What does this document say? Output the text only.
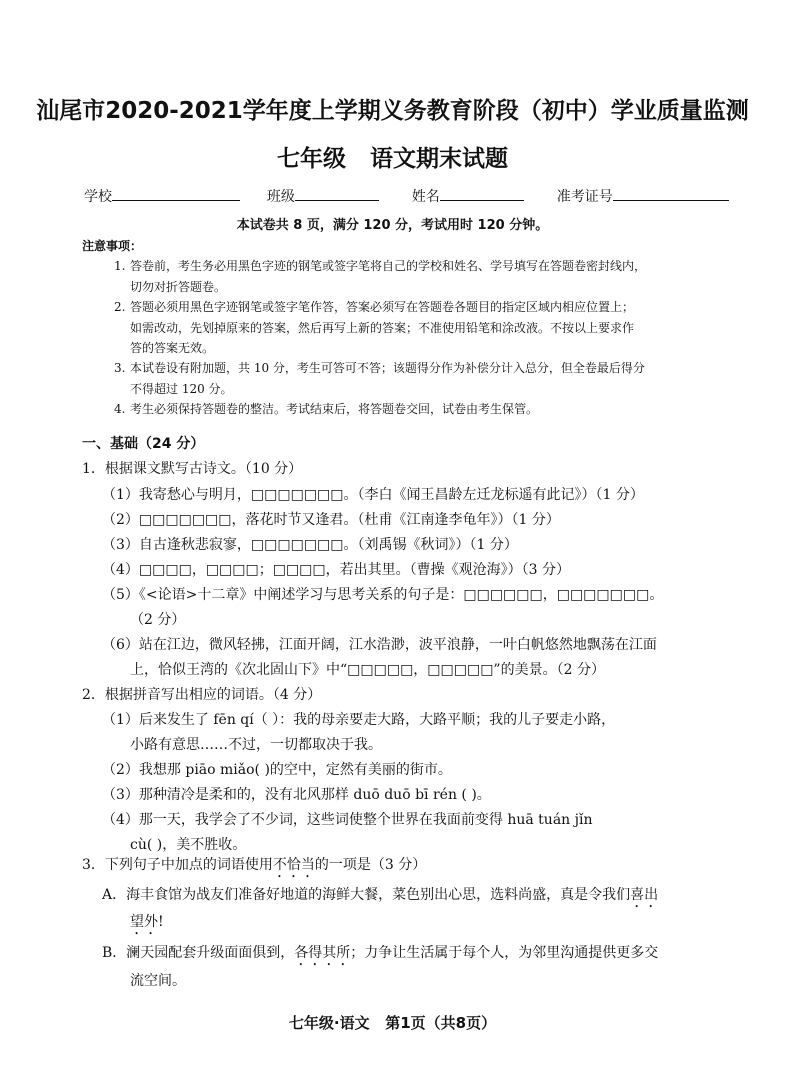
汕尾市2020-2021学年度上学期义务教育阶段（初中）学业质量监测
七年级   语文期末试题
学校	班级	姓名	准考证号
本试卷共 8 页，满分 120 分，考试用时 120 分钟。
注意事项：
1. 答卷前，考生务必用黑色字迹的钢笔或签字笔将自己的学校和姓名、学号填写在答题卷密封线内，
切勿对折答题卷。
2. 答题必须用黑色字迹钢笔或签字笔作答，答案必须写在答题卷各题目的指定区域内相应位置上；
如需改动，先划掉原来的答案，然后再写上新的答案；不准使用铅笔和涂改液。不按以上要求作
答的答案无效。
3. 本试卷设有附加题，共 10 分，考生可答可不答；该题得分作为补偿分计入总分，但全卷最后得分
不得超过 120 分。
4. 考生必须保持答题卷的整洁。考试结束后，将答题卷交回，试卷由考生保管。
一、基础（24 分）
1．根据课文默写古诗文。（10 分）
（1）我寄愁心与明月，□□□□□□□。（李白《闻王昌龄左迁龙标遥有此记》）（1 分）
（2）□□□□□□□，落花时节又逢君。（杜甫《江南逢李龟年》）（1 分）
（3）自古逢秋悲寂寥，□□□□□□□。（刘禹锡《秋词》）（1 分）
（4）□□□□，□□□□；□□□□，若出其里。（曹操《观沧海》）（3 分）
（5）《<论语>十二章》中阐述学习与思考关系的句子是：□□□□□□，□□□□□□□。
（2 分）
（6）站在江边，微风轻拂，江面开阔，江水浩渺，波平浪静，一叶白帆悠然地飘荡在江面
上，恰似王湾的《次北固山下》中“□□□□□，□□□□□”的美景。（2 分）
2．根据拼音写出相应的词语。（4 分）
（1）后来发生了 fēn qí（ ）：我的母亲要走大路，大路平顺；我的儿子要走小路，
小路有意思……不过，一切都取决于我。
（2）我想那 piāo miǎo( )的空中，定然有美丽的街市。
（3）那种清冷是柔和的，没有北风那样 duō duō bī rén ( )。
（4）那一天，我学会了不少词，这些词使整个世界在我面前变得 huā tuán jǐn
cù( )，美不胜收。
3．下列句子中加点的词语使用不恰当的一项是（3 分）
A．海丰食馆为战友们准备好地道的海鲜大餐，菜色别出心思，选料尚盛，真是令我们喜出
望外!
B．澜天园配套升级面面俱到，各得其所；力争让生活属于每个人，为邻里沟通提供更多交
流空间。
七年级·语文   第1页（共8页）
